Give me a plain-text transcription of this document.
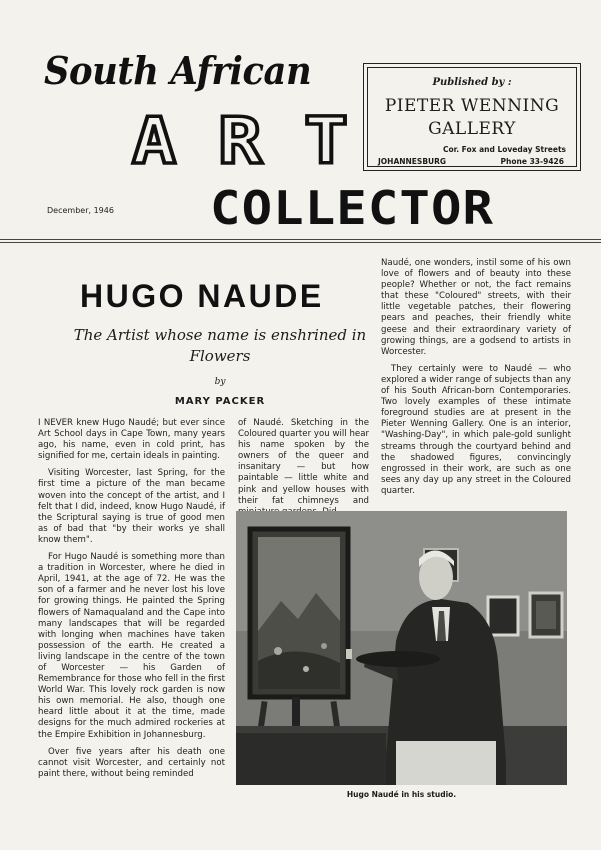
South African
A R T
COLLECTOR
December, 1946
Published by :
PIETER WENNING
GALLERY
Cor. Fox and Loveday Streets
JOHANNESBURG	Phone 33-9426
HUGO NAUDE
The Artist whose name is enshrined in Flowers
by
MARY PACKER

I NEVER knew Hugo Naudé; but ever since Art School days in Cape Town, many years ago, his name, even in cold print, has signified for me, certain ideals in painting.

Visiting Worcester, last Spring, for the first time a picture of the man became woven into the concept of the artist, and I felt that I did, indeed, know Hugo Naudé, if the Scriptural saying is true of good men as of bad that "by their works ye shall know them".

For Hugo Naudé is something more than a tradition in Worcester, where he died in April, 1941, at the age of 72. He was the son of a farmer and he never lost his love for growing things. He painted the Spring flowers of Namaqualand and the Cape into many landscapes that will be regarded with longing when machines have taken possession of the earth. He created a living landscape in the centre of the town of Worcester — his Garden of Remembrance for those who fell in the first World War. This lovely rock garden is now his own memorial. He also, though one heard little about it at the time, made designs for the much admired rockeries at the Empire Exhibition in Johannesburg.

Over five years after his death one cannot visit Worcester, and certainly not paint there, without being reminded

of Naudé. Sketching in the Coloured quarter you will hear his name spoken by the owners of the queer and insanitary — but how paintable — little white and pink and yellow houses with their fat chimneys and

Naudé, one wonders, instil some of his own love of flowers and of beauty into these people? Whether or not, the fact remains that these "Coloured" streets, with their little vegetable patches, their flowering pears and peaches, their friendly white geese and their extraordinary variety of growing things, are a godsend to artists in Worcester.

They certainly were to Naudé — who explored a wider range of subjects than any of his South African-born Contemporaries. Two lovely examples of these intimate foreground studies are at present in the Pieter Wenning Gallery. One is an interior, "Washing-Day", in which pale-gold sunlight streams through the courtyard behind and the shadowed figures, convincingly engrossed in their work, are such as one sees any day up any street in the Coloured quarter.

Hugo Naudé in his studio.
